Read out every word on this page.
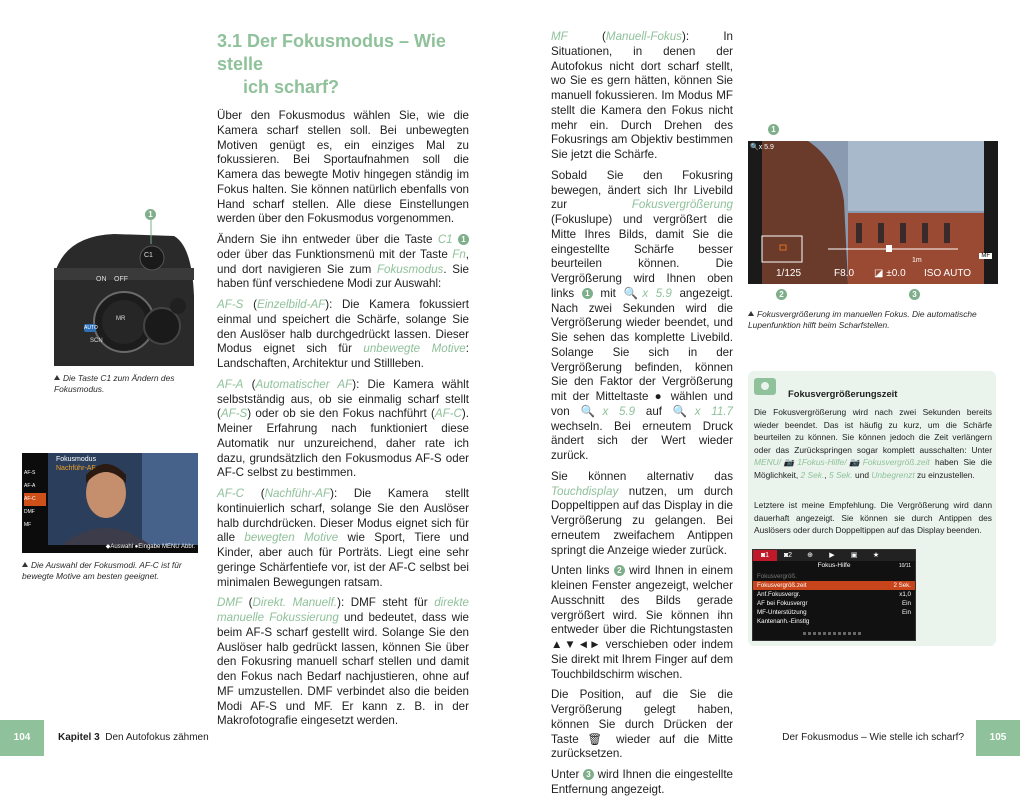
1
C1
ON OFF
AUTO
MR
SCN

Die Taste C1 zum Ändern des Fokusmodus.

Fokusmodus
Nachführ-AF
AF-S
AF-A
AF-C
DMF
MF
◆Auswahl ●Eingabe MENU Abbr.

Die Auswahl der Fokusmodi. AF-C ist für bewegte Motive am besten geeignet.

3.1 Der Fokusmodus – Wie stelle
ich scharf?

Über den Fokusmodus wählen Sie, wie die Kamera scharf stellen soll. Bei unbewegten Motiven genügt es, ein einziges Mal zu fokussieren. Bei Sportaufnahmen soll die Kamera das bewegte Motiv hingegen ständig im Fokus halten. Sie können natürlich ebenfalls von Hand scharf stellen. Alle diese Einstellungen werden über den Fokusmodus vorgenommen.

Ändern Sie ihn entweder über die Taste C1 1 oder über das Funktionsmenü mit der Taste Fn, und dort navigieren Sie zum Fokusmodus. Sie haben fünf verschiedene Modi zur Auswahl:

AF-S (Einzelbild-AF): Die Kamera fokussiert einmal und speichert die Schärfe, solange Sie den Auslöser halb durchgedrückt lassen. Dieser Modus eignet sich für unbewegte Motive: Landschaften, Architektur und Stillleben.

AF-A (Automatischer AF): Die Kamera wählt selbstständig aus, ob sie einmalig scharf stellt (AF-S) oder ob sie den Fokus nachführt (AF-C). Meiner Erfahrung nach funktioniert diese Automatik nur unzureichend, daher rate ich dazu, grundsätzlich den Fokusmodus AF-S oder AF-C selbst zu bestimmen.

AF-C (Nachführ-AF): Die Kamera stellt kontinuierlich scharf, solange Sie den Auslöser halb durchdrücken. Dieser Modus eignet sich für alle bewegten Motive wie Sport, Tiere und Kinder, aber auch für Porträts. Liegt eine sehr geringe Schärfentiefe vor, ist der AF-C selbst bei minimalen Bewegungen ratsam.

DMF (Direkt. Manuelf.): DMF steht für direkte manuelle Fokussierung und bedeutet, dass wie beim AF-S scharf gestellt wird. Solange Sie den Auslöser halb gedrückt lassen, können Sie über den Fokusring manuell scharf stellen und damit den Fokus nach Bedarf nachjustieren, ohne auf MF umzustellen. DMF verbindet also die beiden Modi AF-S und MF. Er kann z. B. in der Makrofotografie eingesetzt werden.

MF (Manuell-Fokus): In Situationen, in denen der Autofokus nicht dort scharf stellt, wo Sie es gern hätten, können Sie manuell fokussieren. Im Modus MF stellt die Kamera den Fokus nicht mehr ein. Durch Drehen des Fokusrings am Objektiv bestimmen Sie jetzt die Schärfe.

Sobald Sie den Fokusring bewegen, ändert sich Ihr Livebild zur Fokusvergrößerung (Fokuslupe) und vergrößert die Mitte Ihres Bilds, damit Sie die eingestellte Schärfe besser beurteilen können. Die Vergrößerung wird Ihnen oben links 1 mit 🔍x 5.9 angezeigt. Nach zwei Sekunden wird die Vergrößerung wieder beendet, und Sie sehen das komplette Livebild. Solange Sie sich in der Vergrößerung befinden, können Sie den Faktor der Vergrößerung mit der Mitteltaste ● wählen und von 🔍x 5.9 auf 🔍x 11.7 wechseln. Bei erneutem Druck ändert sich der Wert wieder zurück.

Sie können alternativ das Touchdisplay nutzen, um durch Doppeltippen auf das Display in die Vergrößerung zu gelangen. Bei erneutem zweifachem Antippen springt die Anzeige wieder zurück.

Unten links 2 wird Ihnen in einem kleinen Fenster angezeigt, welcher Ausschnitt des Bilds gerade vergrößert wird. Sie können ihn entweder über die Richtungstasten ▲▼◄► verschieben oder indem Sie direkt mit Ihrem Finger auf dem Touchbildschirm wischen.

Die Position, auf die Sie die Vergrößerung gelegt haben, können Sie durch Drücken der Taste 🗑 wieder auf die Mitte zurücksetzen.

Unter 3 wird Ihnen die eingestellte Entfernung angezeigt.

1
🔍x 5.9
1m
MF
1/125	F8.0 ◪ ±0.0 ISO AUTO
2	3

Fokusvergrößerung im manuellen Fokus. Die automatische Lupenfunktion hilft beim Scharfstellen.

Fokusvergrößerungszeit

Die Fokusvergrößerung wird nach zwei Sekunden bereits wieder beendet. Das ist häufig zu kurz, um die Schärfe beurteilen zu können. Sie können jedoch die Zeit verlängern oder das Zurückspringen sogar komplett ausschalten: Unter MENU/📷1Fokus-Hilfe/📷Fokusvergröß.zeit haben Sie die Möglichkeit, 2 Sek., 5 Sek. und Unbegrenzt zu einzustellen.

Letztere ist meine Empfehlung. Die Vergrößerung wird dann dauerhaft angezeigt. Sie können sie durch Antippen des Auslösers oder durch Doppeltippen auf das Display beenden.

◙1 ◙2 ⊕ ▶ ▣ ★
Fokus-Hilfe	10/11
Fokusvergröß.
Fokusvergröß.zeit	2 Sek.
Anf.Fokusvergr.	x1,0
AF bei Fokusvergr	Ein
MF-Unterstützung	Ein
Kantenanh.-Einstlg
104	Kapitel 3 Den Autofokus zähmen	Der Fokusmodus – Wie stelle ich scharf?	105
